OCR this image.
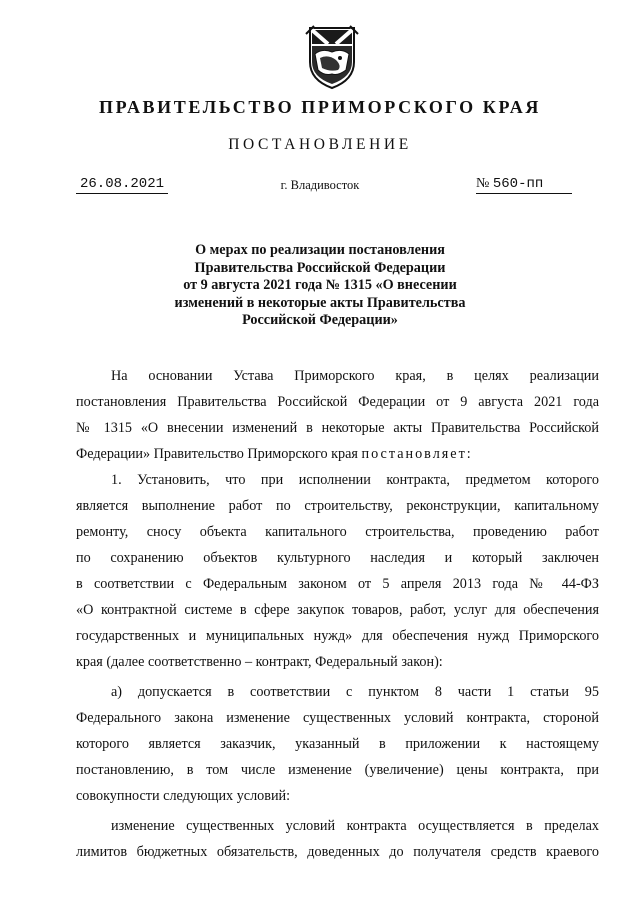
ПРАВИТЕЛЬСТВО ПРИМОРСКОГО КРАЯ
ПОСТАНОВЛЕНИЕ
26.08.2021	г. Владивосток	№ 560-пп
О мерах по реализации постановления
Правительства Российской Федерации
от 9 августа 2021 года № 1315 «О внесении
изменений в некоторые акты Правительства
Российской Федерации»
На основании Устава Приморского края, в целях реализации
постановления Правительства Российской Федерации от 9 августа 2021 года
№ 1315 «О внесении изменений в некоторые акты Правительства Российской
Федерации» Правительство Приморского края постановляет:
1. Установить, что при исполнении контракта, предметом которого
является выполнение работ по строительству, реконструкции, капитальному
ремонту, сносу объекта капитального строительства, проведению работ
по сохранению объектов культурного наследия и который заключен
в соответствии с Федеральным законом от 5 апреля 2013 года № 44-ФЗ
«О контрактной системе в сфере закупок товаров, работ, услуг для обеспечения
государственных и муниципальных нужд» для обеспечения нужд Приморского
края (далее соответственно – контракт, Федеральный закон):
а) допускается в соответствии с пунктом 8 части 1 статьи 95
Федерального закона изменение существенных условий контракта, стороной
которого является заказчик, указанный в приложении к настоящему
постановлению, в том числе изменение (увеличение) цены контракта, при
совокупности следующих условий:
изменение существенных условий контракта осуществляется в пределах
лимитов бюджетных обязательств, доведенных до получателя средств краевого
